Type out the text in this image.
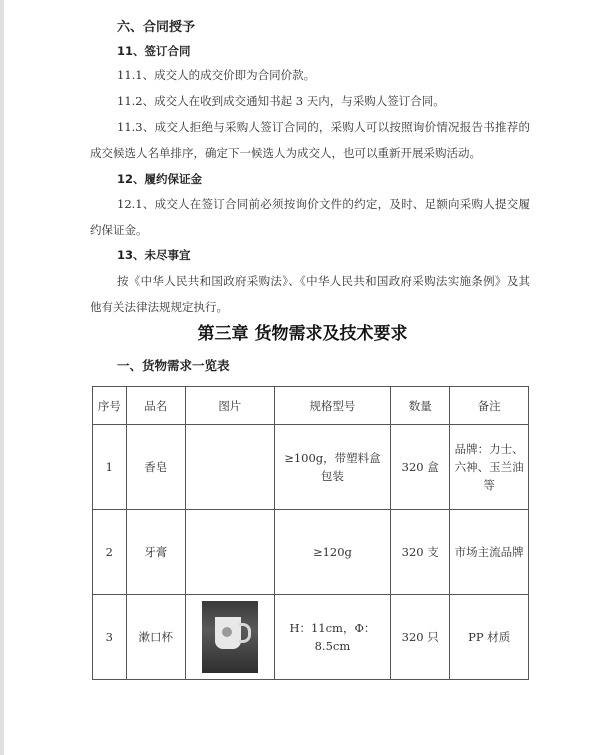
六、合同授予
11、签订合同
11.1、成交人的成交价即为合同价款。
11.2、成交人在收到成交通知书起 3 天内，与采购人签订合同。
11.3、成交人拒绝与采购人签订合同的，采购人可以按照询价情况报告书推荐的成交候选人名单排序，确定下一候选人为成交人，也可以重新开展采购活动。
12、履约保证金
12.1、成交人在签订合同前必须按询价文件的约定，及时、足额向采购人提交履约保证金。
13、未尽事宜
按《中华人民共和国政府采购法》、《中华人民共和国政府采购法实施条例》及其他有关法律法规规定执行。
第三章 货物需求及技术要求
一、货物需求一览表
序号	品名	图片	规格型号	数量	备注
1	香皂		≥100g，带塑料盒包装	320 盒	品牌：力士、六神、玉兰油等
2	牙膏		≥120g	320 支	市场主流品牌
3	漱口杯		H：11cm，Φ：8.5cm	320 只	PP 材质
